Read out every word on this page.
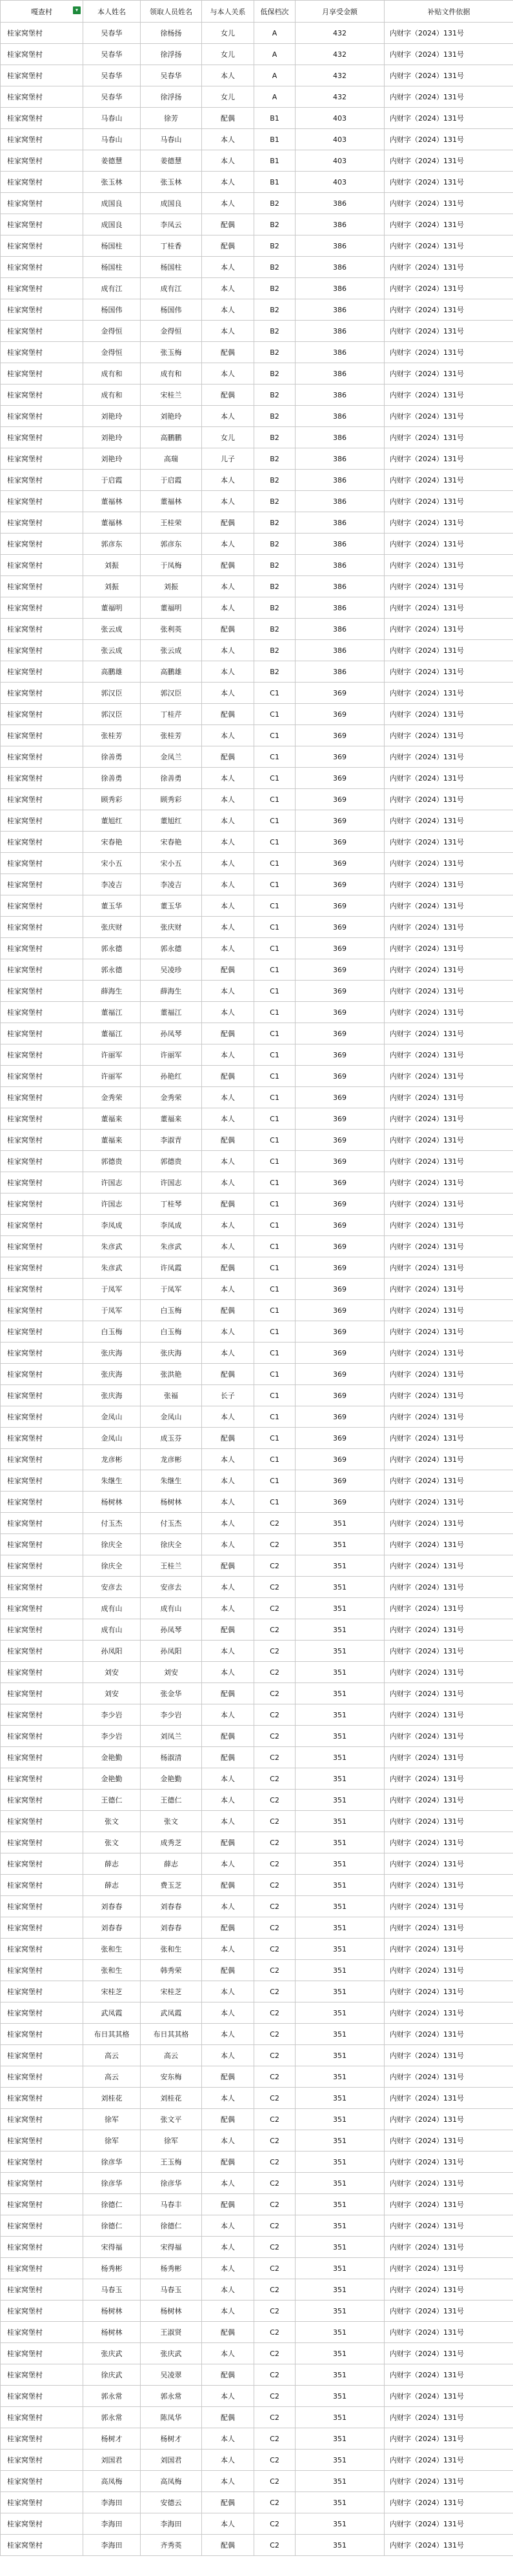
嘎查村 ▾	本人姓名	领取人员姓名	与本人关系	低保档次	月享受金额	补贴文件依据
桂家窝堡村	吴春华	徐杨扬	女儿	A	432	内财字（2024）131号
桂家窝堡村	吴春华	徐浮扬	女儿	A	432	内财字（2024）131号
桂家窝堡村	吴春华	吴春华	本人	A	432	内财字（2024）131号
桂家窝堡村	吴春华	徐浮扬	女儿	A	432	内财字（2024）131号
桂家窝堡村	马春山	徐芳	配偶	B1	403	内财字（2024）131号
桂家窝堡村	马春山	马春山	本人	B1	403	内财字（2024）131号
桂家窝堡村	姜德慧	姜德慧	本人	B1	403	内财字（2024）131号
桂家窝堡村	张玉林	张玉林	本人	B1	403	内财字（2024）131号
桂家窝堡村	成国良	成国良	本人	B2	386	内财字（2024）131号
桂家窝堡村	成国良	李凤云	配偶	B2	386	内财字（2024）131号
桂家窝堡村	杨国柱	丁桂香	配偶	B2	386	内财字（2024）131号
桂家窝堡村	杨国柱	杨国柱	本人	B2	386	内财字（2024）131号
桂家窝堡村	成有江	成有江	本人	B2	386	内财字（2024）131号
桂家窝堡村	杨国伟	杨国伟	本人	B2	386	内财字（2024）131号
桂家窝堡村	金得恒	金得恒	本人	B2	386	内财字（2024）131号
桂家窝堡村	金得恒	张玉梅	配偶	B2	386	内财字（2024）131号
桂家窝堡村	成有和	成有和	本人	B2	386	内财字（2024）131号
桂家窝堡村	成有和	宋桂兰	配偶	B2	386	内财字（2024）131号
桂家窝堡村	刘艳玲	刘艳玲	本人	B2	386	内财字（2024）131号
桂家窝堡村	刘艳玲	高鹏鹏	女儿	B2	386	内财字（2024）131号
桂家窝堡村	刘艳玲	高瑞	儿子	B2	386	内财字（2024）131号
桂家窝堡村	于启霞	于启霞	本人	B2	386	内财字（2024）131号
桂家窝堡村	董福林	董福林	本人	B2	386	内财字（2024）131号
桂家窝堡村	董福林	王桂荣	配偶	B2	386	内财字（2024）131号
桂家窝堡村	郭彦东	郭彦东	本人	B2	386	内财字（2024）131号
桂家窝堡村	刘振	于凤梅	配偶	B2	386	内财字（2024）131号
桂家窝堡村	刘振	刘振	本人	B2	386	内财字（2024）131号
桂家窝堡村	董福明	董福明	本人	B2	386	内财字（2024）131号
桂家窝堡村	张云成	张利英	配偶	B2	386	内财字（2024）131号
桂家窝堡村	张云成	张云成	本人	B2	386	内财字（2024）131号
桂家窝堡村	高鹏雄	高鹏雄	本人	B2	386	内财字（2024）131号
桂家窝堡村	郭汉臣	郭汉臣	本人	C1	369	内财字（2024）131号
桂家窝堡村	郭汉臣	丁桂芹	配偶	C1	369	内财字（2024）131号
桂家窝堡村	张桂芳	张桂芳	本人	C1	369	内财字（2024）131号
桂家窝堡村	徐善勇	金凤兰	配偶	C1	369	内财字（2024）131号
桂家窝堡村	徐善勇	徐善勇	本人	C1	369	内财字（2024）131号
桂家窝堡村	顾秀彩	顾秀彩	本人	C1	369	内财字（2024）131号
桂家窝堡村	董旭红	董旭红	本人	C1	369	内财字（2024）131号
桂家窝堡村	宋春艳	宋春艳	本人	C1	369	内财字（2024）131号
桂家窝堡村	宋小五	宋小五	本人	C1	369	内财字（2024）131号
桂家窝堡村	李凌吉	李凌吉	本人	C1	369	内财字（2024）131号
桂家窝堡村	董玉华	董玉华	本人	C1	369	内财字（2024）131号
桂家窝堡村	张庆财	张庆财	本人	C1	369	内财字（2024）131号
桂家窝堡村	郭永德	郭永德	本人	C1	369	内财字（2024）131号
桂家窝堡村	郭永德	吴凌珍	配偶	C1	369	内财字（2024）131号
桂家窝堡村	薛海生	薛海生	本人	C1	369	内财字（2024）131号
桂家窝堡村	董福江	董福江	本人	C1	369	内财字（2024）131号
桂家窝堡村	董福江	孙凤琴	配偶	C1	369	内财字（2024）131号
桂家窝堡村	许丽军	许丽军	本人	C1	369	内财字（2024）131号
桂家窝堡村	许丽军	孙艳红	配偶	C1	369	内财字（2024）131号
桂家窝堡村	金秀荣	金秀荣	本人	C1	369	内财字（2024）131号
桂家窝堡村	董福来	董福来	本人	C1	369	内财字（2024）131号
桂家窝堡村	董福来	李淑青	配偶	C1	369	内财字（2024）131号
桂家窝堡村	郭德贵	郭德贵	本人	C1	369	内财字（2024）131号
桂家窝堡村	许国志	许国志	本人	C1	369	内财字（2024）131号
桂家窝堡村	许国志	丁桂琴	配偶	C1	369	内财字（2024）131号
桂家窝堡村	李凤成	李凤成	本人	C1	369	内财字（2024）131号
桂家窝堡村	朱彦武	朱彦武	本人	C1	369	内财字（2024）131号
桂家窝堡村	朱彦武	许凤霞	配偶	C1	369	内财字（2024）131号
桂家窝堡村	于凤军	于凤军	本人	C1	369	内财字（2024）131号
桂家窝堡村	于凤军	白玉梅	配偶	C1	369	内财字（2024）131号
桂家窝堡村	白玉梅	白玉梅	本人	C1	369	内财字（2024）131号
桂家窝堡村	张庆海	张庆海	本人	C1	369	内财字（2024）131号
桂家窝堡村	张庆海	张洪艳	配偶	C1	369	内财字（2024）131号
桂家窝堡村	张庆海	张福	长子	C1	369	内财字（2024）131号
桂家窝堡村	金凤山	金凤山	本人	C1	369	内财字（2024）131号
桂家窝堡村	金凤山	成玉芬	配偶	C1	369	内财字（2024）131号
桂家窝堡村	龙彦彬	龙彦彬	本人	C1	369	内财字（2024）131号
桂家窝堡村	朱继生	朱继生	本人	C1	369	内财字（2024）131号
桂家窝堡村	杨树林	杨树林	本人	C1	369	内财字（2024）131号
桂家窝堡村	付玉杰	付玉杰	本人	C2	351	内财字（2024）131号
桂家窝堡村	徐庆全	徐庆全	本人	C2	351	内财字（2024）131号
桂家窝堡村	徐庆全	王桂兰	配偶	C2	351	内财字（2024）131号
桂家窝堡村	安彦去	安彦去	本人	C2	351	内财字（2024）131号
桂家窝堡村	成有山	成有山	本人	C2	351	内财字（2024）131号
桂家窝堡村	成有山	孙凤琴	配偶	C2	351	内财字（2024）131号
桂家窝堡村	孙凤阳	孙凤阳	本人	C2	351	内财字（2024）131号
桂家窝堡村	刘安	刘安	本人	C2	351	内财字（2024）131号
桂家窝堡村	刘安	张金华	配偶	C2	351	内财字（2024）131号
桂家窝堡村	李少岩	李少岩	本人	C2	351	内财字（2024）131号
桂家窝堡村	李少岩	刘凤兰	配偶	C2	351	内财字（2024）131号
桂家窝堡村	金艳勤	杨淑清	配偶	C2	351	内财字（2024）131号
桂家窝堡村	金艳勤	金艳勤	本人	C2	351	内财字（2024）131号
桂家窝堡村	王德仁	王德仁	本人	C2	351	内财字（2024）131号
桂家窝堡村	张文	张文	本人	C2	351	内财字（2024）131号
桂家窝堡村	张文	成秀芝	配偶	C2	351	内财字（2024）131号
桂家窝堡村	薛志	薛志	本人	C2	351	内财字（2024）131号
桂家窝堡村	薛志	费玉芝	配偶	C2	351	内财字（2024）131号
桂家窝堡村	刘春春	刘春春	本人	C2	351	内财字（2024）131号
桂家窝堡村	刘春春	刘春春	配偶	C2	351	内财字（2024）131号
桂家窝堡村	张和生	张和生	本人	C2	351	内财字（2024）131号
桂家窝堡村	张和生	韩秀荣	配偶	C2	351	内财字（2024）131号
桂家窝堡村	宋桂芝	宋桂芝	本人	C2	351	内财字（2024）131号
桂家窝堡村	武凤霞	武凤霞	本人	C2	351	内财字（2024）131号
桂家窝堡村	布日其其格	布日其其格	本人	C2	351	内财字（2024）131号
桂家窝堡村	高云	高云	本人	C2	351	内财字（2024）131号
桂家窝堡村	高云	安东梅	配偶	C2	351	内财字（2024）131号
桂家窝堡村	刘桂花	刘桂花	本人	C2	351	内财字（2024）131号
桂家窝堡村	徐军	张文平	配偶	C2	351	内财字（2024）131号
桂家窝堡村	徐军	徐军	本人	C2	351	内财字（2024）131号
桂家窝堡村	徐彦华	王玉梅	配偶	C2	351	内财字（2024）131号
桂家窝堡村	徐彦华	徐彦华	本人	C2	351	内财字（2024）131号
桂家窝堡村	徐德仁	马春丰	配偶	C2	351	内财字（2024）131号
桂家窝堡村	徐德仁	徐德仁	本人	C2	351	内财字（2024）131号
桂家窝堡村	宋得福	宋得福	本人	C2	351	内财字（2024）131号
桂家窝堡村	杨秀彬	杨秀彬	本人	C2	351	内财字（2024）131号
桂家窝堡村	马春玉	马春玉	本人	C2	351	内财字（2024）131号
桂家窝堡村	杨树林	杨树林	本人	C2	351	内财字（2024）131号
桂家窝堡村	杨树林	王淑贤	配偶	C2	351	内财字（2024）131号
桂家窝堡村	张庆武	张庆武	本人	C2	351	内财字（2024）131号
桂家窝堡村	徐庆武	吴凌翠	配偶	C2	351	内财字（2024）131号
桂家窝堡村	郭永常	郭永常	本人	C2	351	内财字（2024）131号
桂家窝堡村	郭永常	陈凤华	配偶	C2	351	内财字（2024）131号
桂家窝堡村	杨树才	杨树才	本人	C2	351	内财字（2024）131号
桂家窝堡村	刘国君	刘国君	本人	C2	351	内财字（2024）131号
桂家窝堡村	高凤梅	高凤梅	本人	C2	351	内财字（2024）131号
桂家窝堡村	李海田	安德云	配偶	C2	351	内财字（2024）131号
桂家窝堡村	李海田	李海田	本人	C2	351	内财字（2024）131号
桂家窝堡村	李海田	齐秀英	配偶	C2	351	内财字（2024）131号
